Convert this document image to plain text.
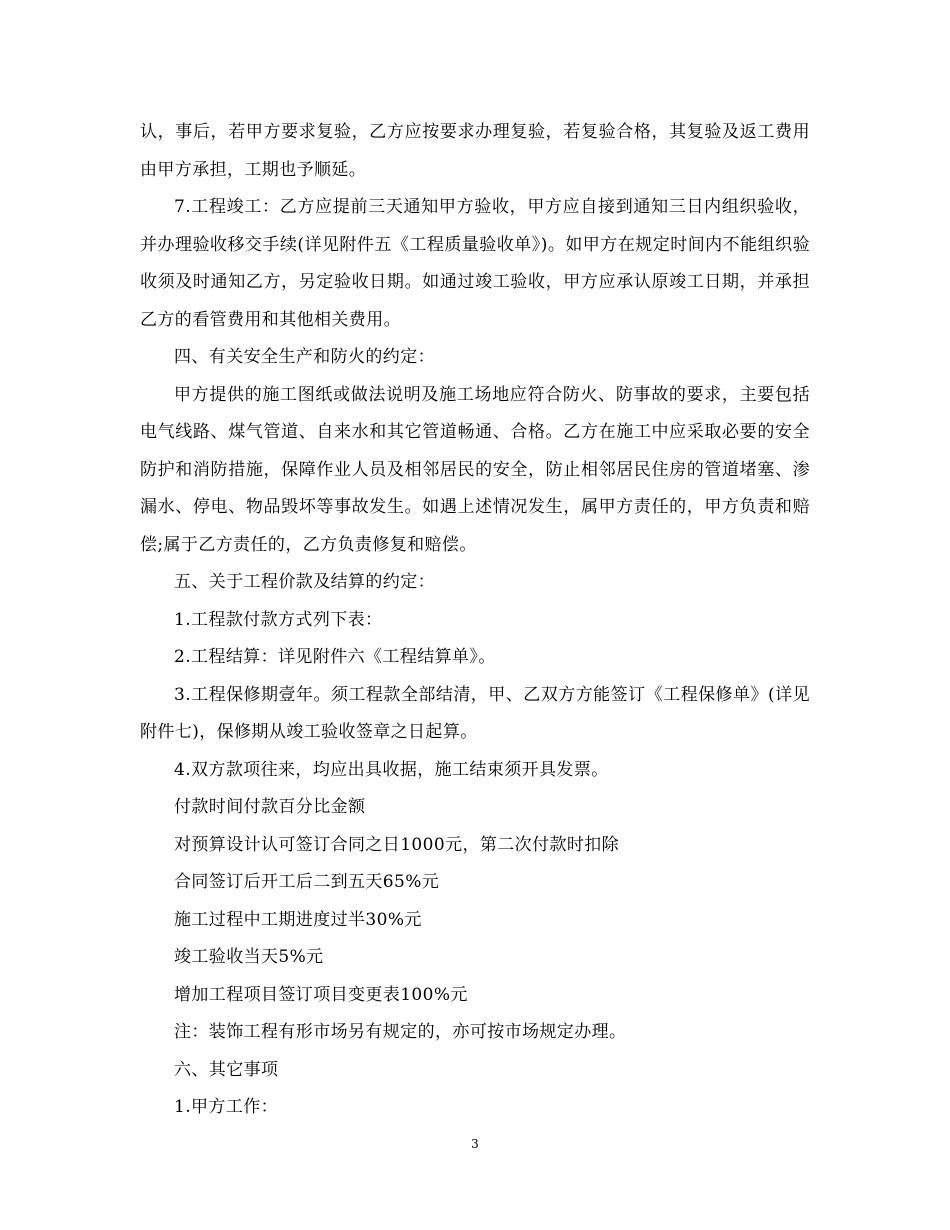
认，事后，若甲方要求复验，乙方应按要求办理复验，若复验合格，其复验及返工费用由甲方承担，工期也予顺延。

7.工程竣工：乙方应提前三天通知甲方验收，甲方应自接到通知三日内组织验收，并办理验收移交手续(详见附件五《工程质量验收单》)。如甲方在规定时间内不能组织验收须及时通知乙方，另定验收日期。如通过竣工验收，甲方应承认原竣工日期，并承担乙方的看管费用和其他相关费用。

四、有关安全生产和防火的约定：

甲方提供的施工图纸或做法说明及施工场地应符合防火、防事故的要求，主要包括电气线路、煤气管道、自来水和其它管道畅通、合格。乙方在施工中应采取必要的安全防护和消防措施，保障作业人员及相邻居民的安全，防止相邻居民住房的管道堵塞、渗漏水、停电、物品毁坏等事故发生。如遇上述情况发生，属甲方责任的，甲方负责和赔偿;属于乙方责任的，乙方负责修复和赔偿。

五、关于工程价款及结算的约定：

1.工程款付款方式列下表：

2.工程结算：详见附件六《工程结算单》。

3.工程保修期壹年。须工程款全部结清，甲、乙双方方能签订《工程保修单》(详见附件七)，保修期从竣工验收签章之日起算。

4.双方款项往来，均应出具收据，施工结束须开具发票。

付款时间付款百分比金额

对预算设计认可签订合同之日1000元，第二次付款时扣除

合同签订后开工后二到五天65%元

施工过程中工期进度过半30%元

竣工验收当天5%元

增加工程项目签订项目变更表100%元

注：装饰工程有形市场另有规定的，亦可按市场规定办理。

六、其它事项

1.甲方工作：

3
